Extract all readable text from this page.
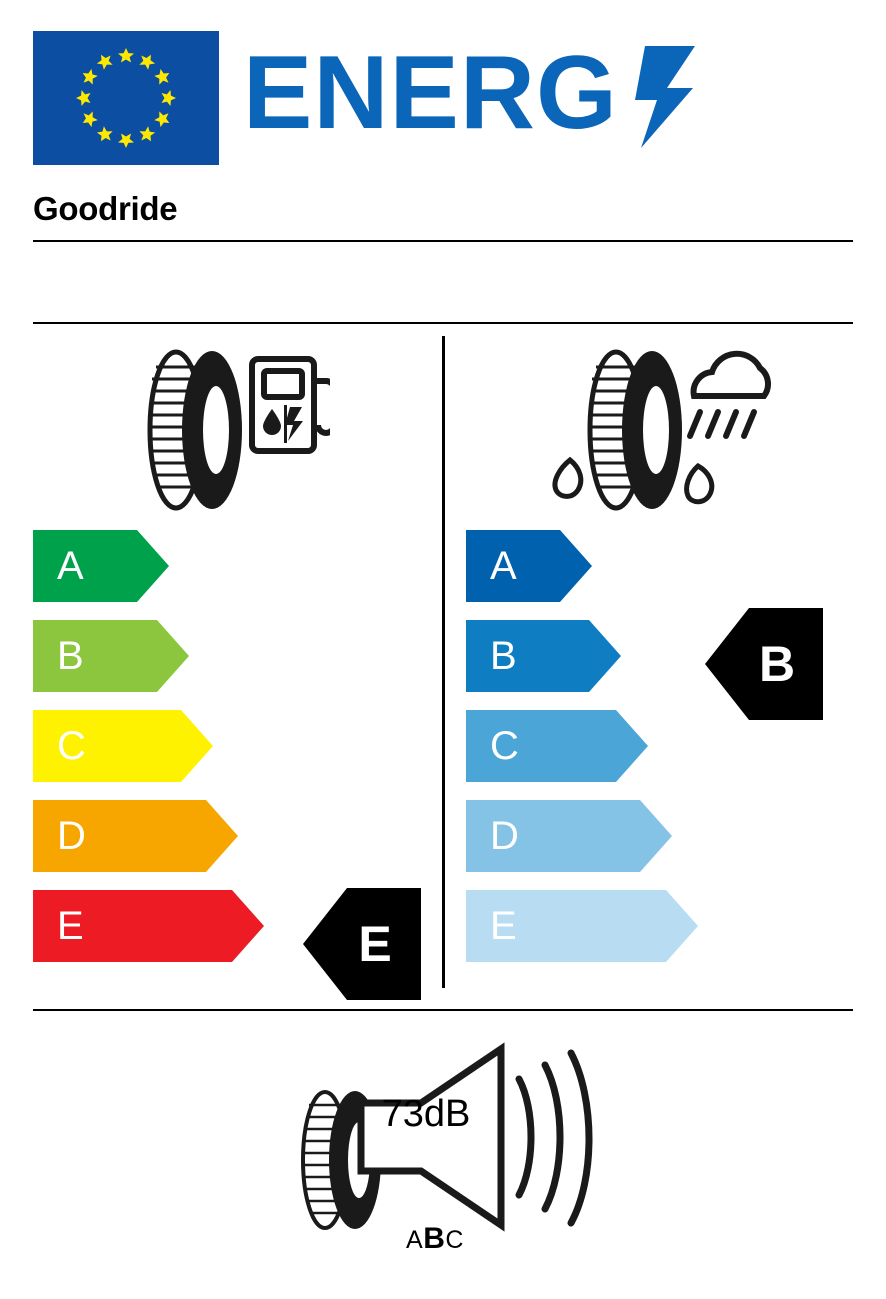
ENERG
Goodride
A
B
C
D
E	E
A
B
C
D
E
B
73dB
ABC
